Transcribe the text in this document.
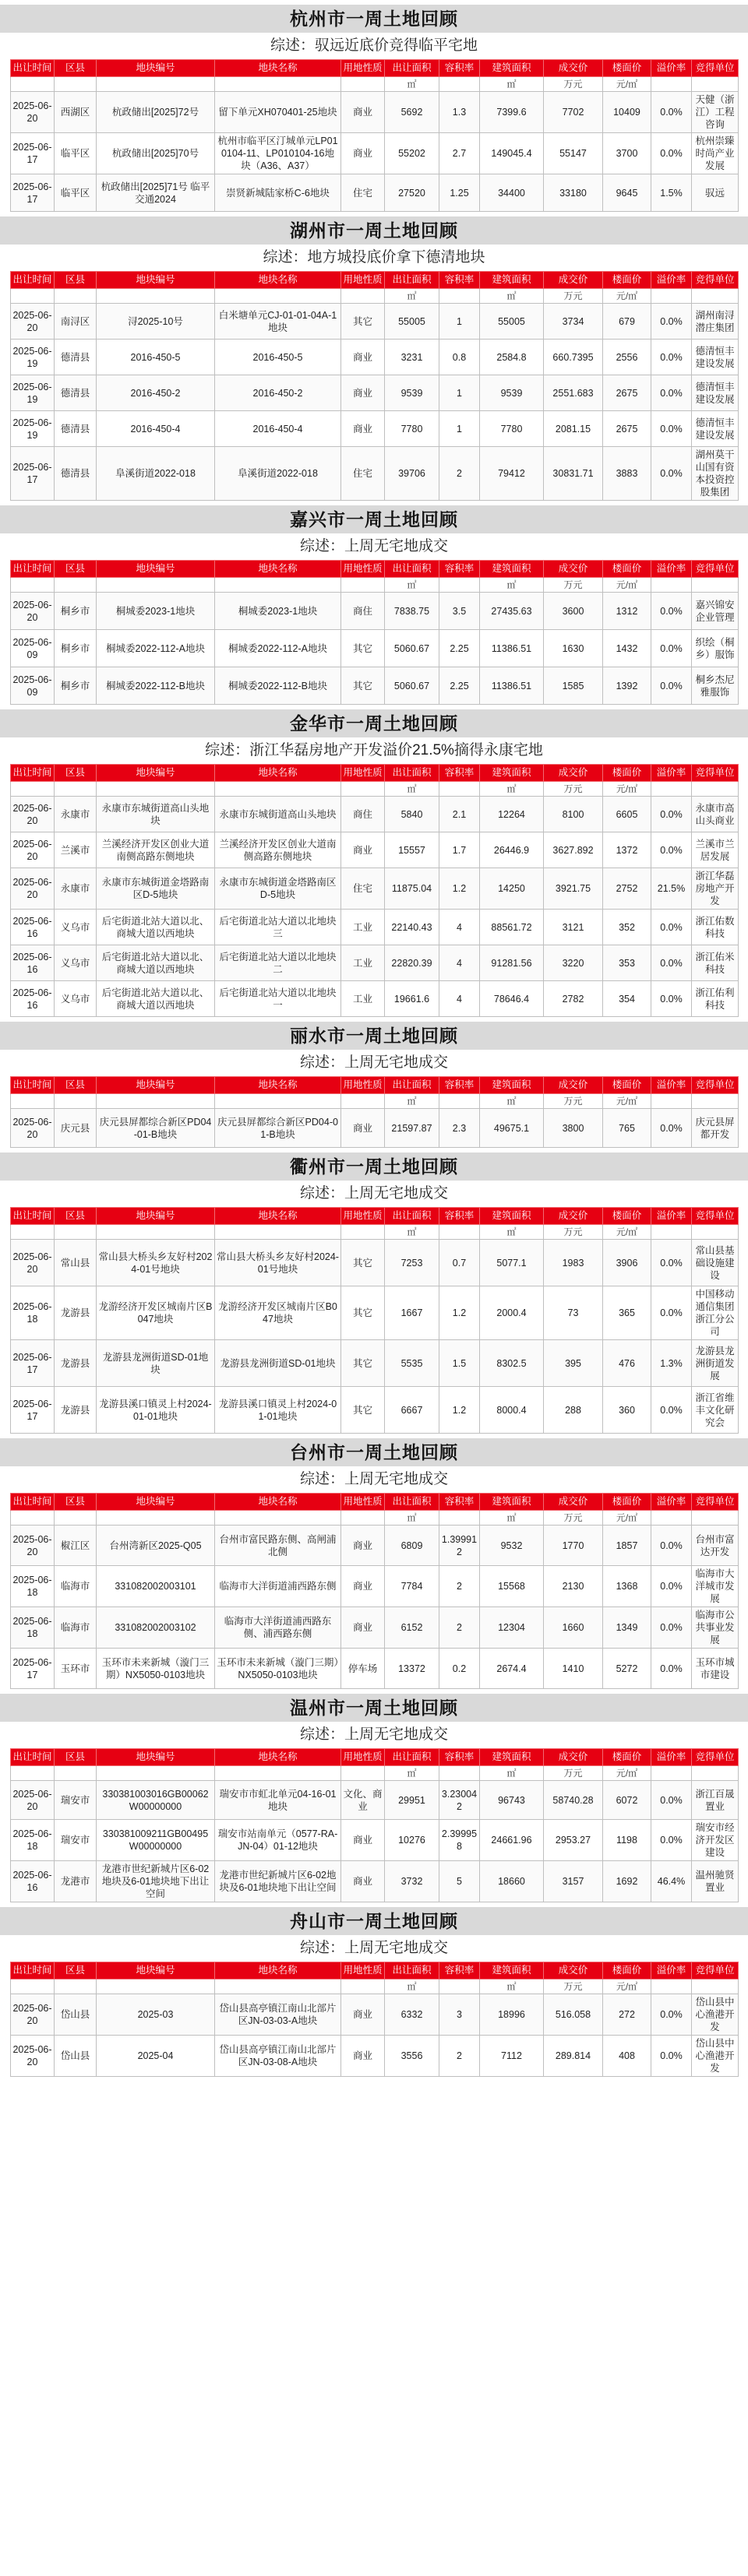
杭州市一周土地回顾
综述：驭远近底价竞得临平宅地
出让时间	区县	地块编号	地块名称	用地性质	出让面积	容积率	建筑面积	成交价	楼面价	溢价率	竞得单位
					㎡		㎡	万元	元/㎡		
2025-06-20	西湖区	杭政储出[2025]72号	留下单元XH070401-25地块	商业	5692	1.3	7399.6	7702	10409	0.0%	天健（浙江）工程咨询
2025-06-17	临平区	杭政储出[2025]70号	杭州市临平区汀城单元LP010104-11、LP010104-16地块（A36、A37）	商业	55202	2.7	149045.4	55147	3700	0.0%	杭州崇臻时尚产业发展
2025-06-17	临平区	杭政储出[2025]71号 临平交通2024	崇贤新城陆家桥C-6地块	住宅	27520	1.25	34400	33180	9645	1.5%	驭远
湖州市一周土地回顾
综述：地方城投底价拿下德清地块
出让时间	区县	地块编号	地块名称	用地性质	出让面积	容积率	建筑面积	成交价	楼面价	溢价率	竞得单位
					㎡		㎡	万元	元/㎡		
2025-06-20	南浔区	浔2025-10号	白米塘单元CJ-01-01-04A-1地块	其它	55005	1	55005	3734	679	0.0%	湖州南浔潜庄集团
2025-06-19	德清县	2016-450-5	2016-450-5	商业	3231	0.8	2584.8	660.7395	2556	0.0%	德清恒丰建设发展
2025-06-19	德清县	2016-450-2	2016-450-2	商业	9539	1	9539	2551.683	2675	0.0%	德清恒丰建设发展
2025-06-19	德清县	2016-450-4	2016-450-4	商业	7780	1	7780	2081.15	2675	0.0%	德清恒丰建设发展
2025-06-17	德清县	阜溪街道2022-018	阜溪街道2022-018	住宅	39706	2	79412	30831.71	3883	0.0%	湖州莫干山国有资本投资控股集团
嘉兴市一周土地回顾
综述：上周无宅地成交
出让时间	区县	地块编号	地块名称	用地性质	出让面积	容积率	建筑面积	成交价	楼面价	溢价率	竞得单位
					㎡		㎡	万元	元/㎡		
2025-06-20	桐乡市	桐城委2023-1地块	桐城委2023-1地块	商住	7838.75	3.5	27435.63	3600	1312	0.0%	嘉兴锦安企业管理
2025-06-09	桐乡市	桐城委2022-112-A地块	桐城委2022-112-A地块	其它	5060.67	2.25	11386.51	1630	1432	0.0%	织绘（桐乡）服饰
2025-06-09	桐乡市	桐城委2022-112-B地块	桐城委2022-112-B地块	其它	5060.67	2.25	11386.51	1585	1392	0.0%	桐乡杰尼雅服饰
金华市一周土地回顾
综述：浙江华磊房地产开发溢价21.5%摘得永康宅地
出让时间	区县	地块编号	地块名称	用地性质	出让面积	容积率	建筑面积	成交价	楼面价	溢价率	竞得单位
					㎡		㎡	万元	元/㎡		
2025-06-20	永康市	永康市东城街道高山头地块	永康市东城街道高山头地块	商住	5840	2.1	12264	8100	6605	0.0%	永康市高山头商业
2025-06-20	兰溪市	兰溪经济开发区创业大道南侧高路东侧地块	兰溪经济开发区创业大道南侧高路东侧地块	商业	15557	1.7	26446.9	3627.892	1372	0.0%	兰溪市兰居发展
2025-06-20	永康市	永康市东城街道金塔路南区D-5地块	永康市东城街道金塔路南区D-5地块	住宅	11875.04	1.2	14250	3921.75	2752	21.5%	浙江华磊房地产开发
2025-06-16	义乌市	后宅街道北站大道以北、商城大道以西地块	后宅街道北站大道以北地块三	工业	22140.43	4	88561.72	3121	352	0.0%	浙江佑数科技
2025-06-16	义乌市	后宅街道北站大道以北、商城大道以西地块	后宅街道北站大道以北地块二	工业	22820.39	4	91281.56	3220	353	0.0%	浙江佑米科技
2025-06-16	义乌市	后宅街道北站大道以北、商城大道以西地块	后宅街道北站大道以北地块一	工业	19661.6	4	78646.4	2782	354	0.0%	浙江佑利科技
丽水市一周土地回顾
综述：上周无宅地成交
出让时间	区县	地块编号	地块名称	用地性质	出让面积	容积率	建筑面积	成交价	楼面价	溢价率	竞得单位
					㎡		㎡	万元	元/㎡		
2025-06-20	庆元县	庆元县屏都综合新区PD04-01-B地块	庆元县屏都综合新区PD04-01-B地块	商业	21597.87	2.3	49675.1	3800	765	0.0%	庆元县屏都开发
衢州市一周土地回顾
综述：上周无宅地成交
出让时间	区县	地块编号	地块名称	用地性质	出让面积	容积率	建筑面积	成交价	楼面价	溢价率	竞得单位
					㎡		㎡	万元	元/㎡		
2025-06-20	常山县	常山县大桥头乡友好村2024-01号地块	常山县大桥头乡友好村2024-01号地块	其它	7253	0.7	5077.1	1983	3906	0.0%	常山县基础设施建设
2025-06-18	龙游县	龙游经济开发区城南片区B047地块	龙游经济开发区城南片区B047地块	其它	1667	1.2	2000.4	73	365	0.0%	中国移动通信集团浙江分公司
2025-06-17	龙游县	龙游县龙洲街道SD-01地块	龙游县龙洲街道SD-01地块	其它	5535	1.5	8302.5	395	476	1.3%	龙游县龙洲街道发展
2025-06-17	龙游县	龙游县溪口镇灵上村2024-01-01地块	龙游县溪口镇灵上村2024-01-01地块	其它	6667	1.2	8000.4	288	360	0.0%	浙江省维丰文化研究会
台州市一周土地回顾
综述：上周无宅地成交
出让时间	区县	地块编号	地块名称	用地性质	出让面积	容积率	建筑面积	成交价	楼面价	溢价率	竞得单位
					㎡		㎡	万元	元/㎡		
2025-06-20	椒江区	台州湾新区2025-Q05	台州市富民路东侧、高闸浦北侧	商业	6809	1.399912	9532	1770	1857	0.0%	台州市富达开发
2025-06-18	临海市	331082002003101	临海市大洋街道浦西路东侧	商业	7784	2	15568	2130	1368	0.0%	临海市大洋城市发展
2025-06-18	临海市	331082002003102	临海市大洋街道浦西路东侧、浦西路东侧	商业	6152	2	12304	1660	1349	0.0%	临海市公共事业发展
2025-06-17	玉环市	玉环市未来新城（漩门三期）NX5050-0103地块	玉环市未来新城（漩门三期）NX5050-0103地块	停车场	13372	0.2	2674.4	1410	5272	0.0%	玉环市城市建设
温州市一周土地回顾
综述：上周无宅地成交
出让时间	区县	地块编号	地块名称	用地性质	出让面积	容积率	建筑面积	成交价	楼面价	溢价率	竞得单位
					㎡		㎡	万元	元/㎡		
2025-06-20	瑞安市	330381003016GB00062W00000000	瑞安市市虹北单元04-16-01地块	文化、商业	29951	3.230042	96743	58740.28	6072	0.0%	浙江百晟置业
2025-06-18	瑞安市	330381009211GB00495W00000000	瑞安市站南单元（0577-RA-JN-04）01-12地块	商业	10276	2.399958	24661.96	2953.27	1198	0.0%	瑞安市经济开发区建设
2025-06-16	龙港市	龙港市世纪新城片区6-02地块及6-01地块地下出让空间	龙港市世纪新城片区6-02地块及6-01地块地下出让空间	商业	3732	5	18660	3157	1692	46.4%	温州驰贤置业
舟山市一周土地回顾
综述：上周无宅地成交
出让时间	区县	地块编号	地块名称	用地性质	出让面积	容积率	建筑面积	成交价	楼面价	溢价率	竞得单位
					㎡		㎡	万元	元/㎡		
2025-06-20	岱山县	2025-03	岱山县高亭镇江南山北部片区JN-03-03-A地块	商业	6332	3	18996	516.058	272	0.0%	岱山县中心渔港开发
2025-06-20	岱山县	2025-04	岱山县高亭镇江南山北部片区JN-03-08-A地块	商业	3556	2	7112	289.814	408	0.0%	岱山县中心渔港开发
